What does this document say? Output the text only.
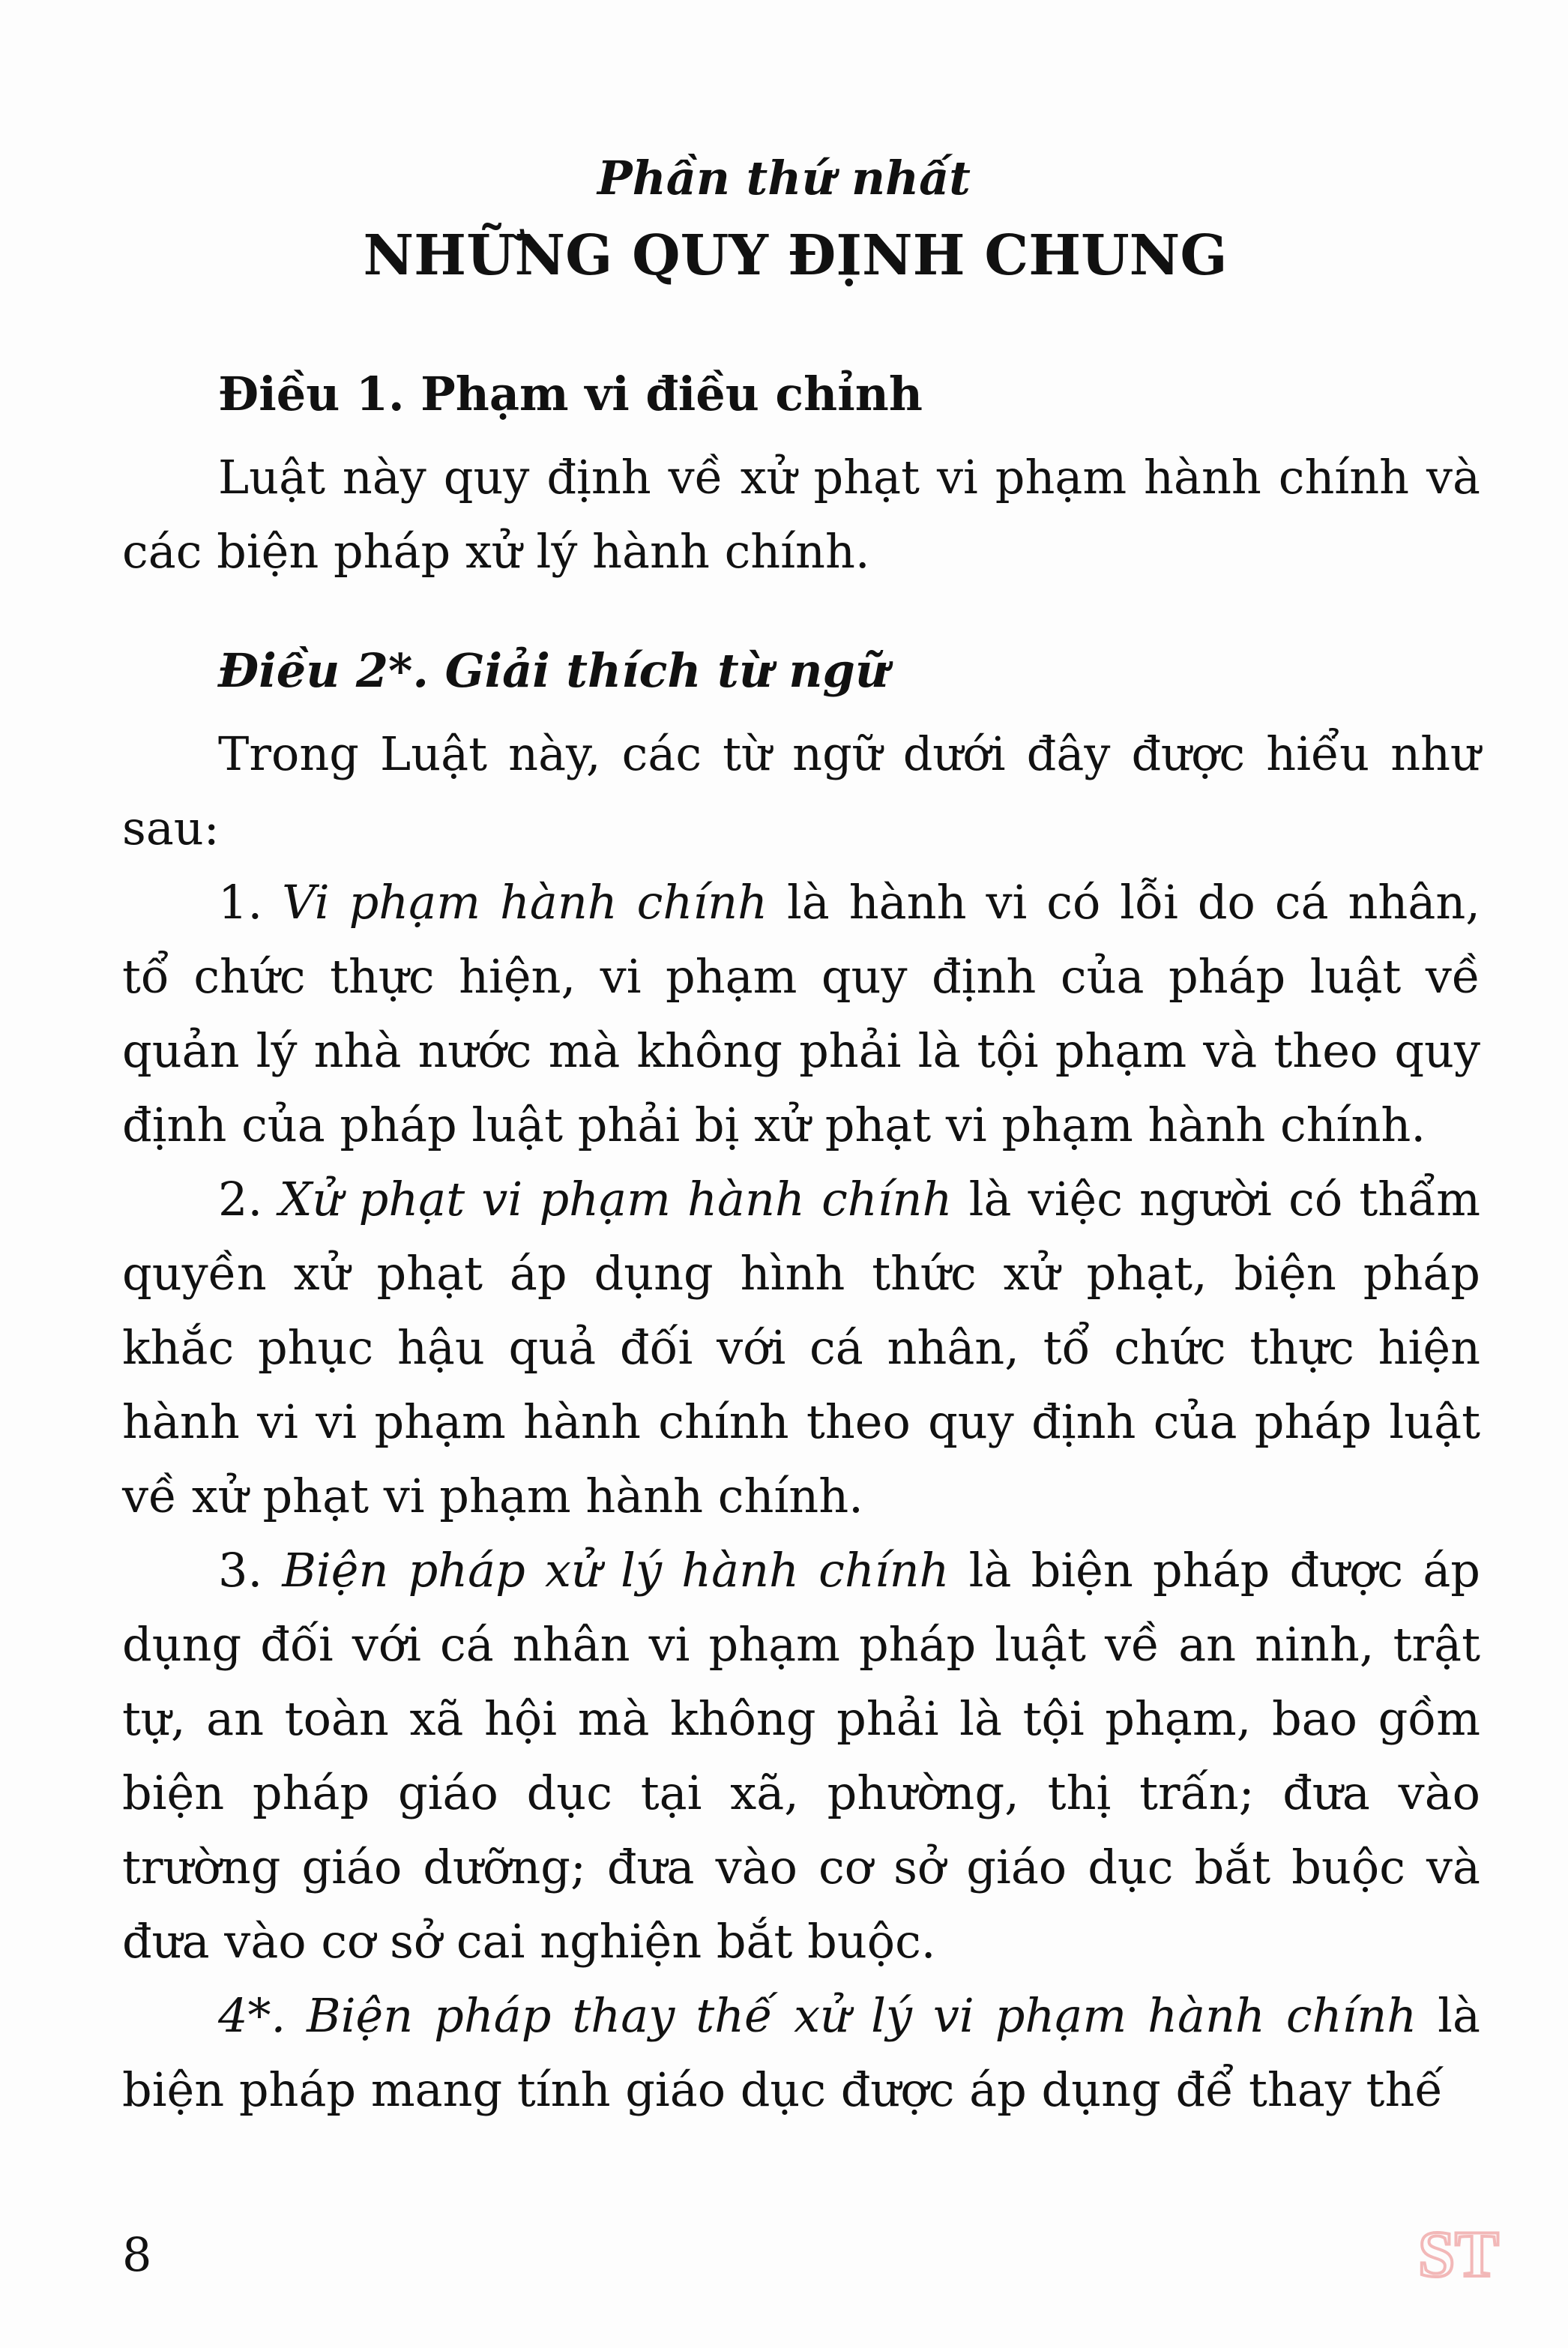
Phần thứ nhất
NHỮNG QUY ĐỊNH CHUNG

Điều 1. Phạm vi điều chỉnh

Luật này quy định về xử phạt vi phạm hành chính và các biện pháp xử lý hành chính.

Điều 2*. Giải thích từ ngữ

Trong Luật này, các từ ngữ dưới đây được hiểu như sau:

1. Vi phạm hành chính là hành vi có lỗi do cá nhân, tổ chức thực hiện, vi phạm quy định của pháp luật về quản lý nhà nước mà không phải là tội phạm và theo quy định của pháp luật phải bị xử phạt vi phạm hành chính.

2. Xử phạt vi phạm hành chính là việc người có thẩm quyền xử phạt áp dụng hình thức xử phạt, biện pháp khắc phục hậu quả đối với cá nhân, tổ chức thực hiện hành vi vi phạm hành chính theo quy định của pháp luật về xử phạt vi phạm hành chính.

3. Biện pháp xử lý hành chính là biện pháp được áp dụng đối với cá nhân vi phạm pháp luật về an ninh, trật tự, an toàn xã hội mà không phải là tội phạm, bao gồm biện pháp giáo dục tại xã, phường, thị trấn; đưa vào trường giáo dưỡng; đưa vào cơ sở giáo dục bắt buộc và đưa vào cơ sở cai nghiện bắt buộc.

4*. Biện pháp thay thế xử lý vi phạm hành chính là biện pháp mang tính giáo dục được áp dụng để thay thế

8	ST
